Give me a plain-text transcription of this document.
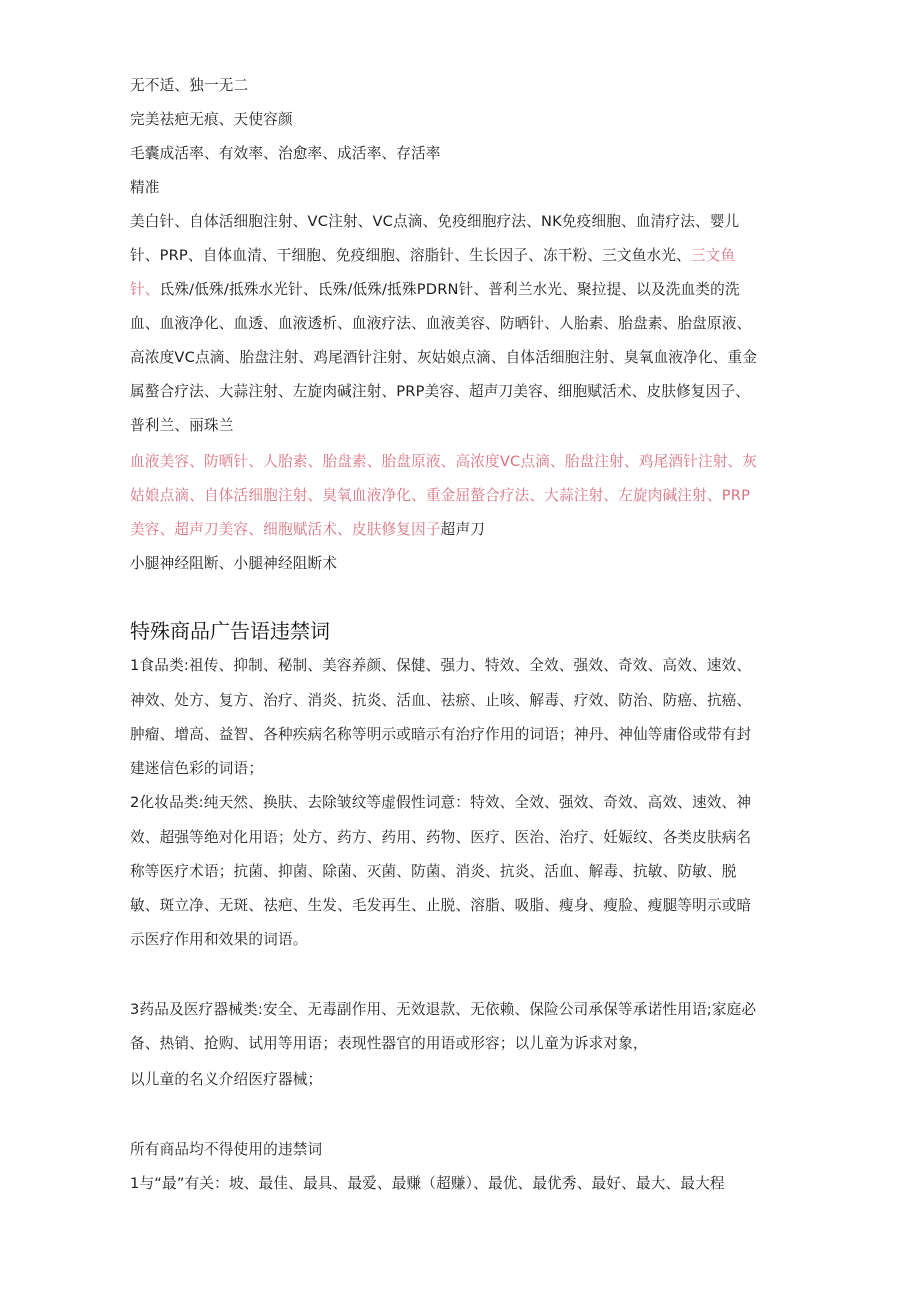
无不适、独一无二
完美祛疤无痕、天使容颜
毛囊成活率、有效率、治愈率、成活率、存活率
精准
美白针、自体活细胞注射、VC注射、VC点滴、免疫细胞疗法、NK免疫细胞、血清疗法、婴儿
针、PRP、自体血清、干细胞、免疫细胞、溶脂针、生长因子、冻干粉、三文鱼水光、三文鱼
针、氐殊/低殊/抵殊水光针、氐殊/低殊/抵殊PDRN针、普利兰水光、聚拉提、以及洗血类的洗
血、血液净化、血透、血液透析、血液疗法、血液美容、防晒针、人胎素、胎盘素、胎盘原液、
高浓度VC点滴、胎盘注射、鸡尾酒针注射、灰姑娘点滴、自体活细胞注射、臭氧血液净化、重金
属螯合疗法、大蒜注射、左旋肉碱注射、PRP美容、超声刀美容、细胞赋活术、皮肤修复因子、
普利兰、丽珠兰
血液美容、防晒针、人胎素、胎盘素、胎盘原液、高浓度VC点滴、胎盘注射、鸡尾酒针注射、灰
姑娘点滴、自体活细胞注射、臭氧血液净化、重金屈螯合疗法、大蒜注射、左旋肉碱注射、PRP
美容、超声刀美容、细胞赋活术、皮肤修复因子超声刀
小腿神经阻断、小腿神经阻断术
特殊商品广告语违禁词
1食品类:祖传、抑制、秘制、美容养颜、保健、强力、特效、全效、强效、奇效、高效、速效、
神效、处方、复方、治疗、消炎、抗炎、活血、祛瘀、止咳、解毒、疗效、防治、防癌、抗癌、
肿瘤、增高、益智、各种疾病名称等明示或暗示有治疗作用的词语；神丹、神仙等庸俗或带有封
建迷信色彩的词语；
2化妆品类:纯天然、换肤、去除皱纹等虚假性词意：特效、全效、强效、奇效、高效、速效、神
效、超强等绝对化用语；处方、药方、药用、药物、医疗、医治、治疗、妊娠纹、各类皮肤病名
称等医疗术语；抗菌、抑菌、除菌、灭菌、防菌、消炎、抗炎、活血、解毒、抗敏、防敏、脱
敏、斑立净、无斑、祛疤、生发、毛发再生、止脱、溶脂、吸脂、瘦身、瘦脸、瘦腿等明示或暗
示医疗作用和效果的词语。
3药品及医疗器械类:安全、无毒副作用、无效退款、无依赖、保险公司承保等承诺性用语;家庭必
备、热销、抢购、试用等用语；表现性器官的用语或形容；以儿童为诉求对象，
以儿童的名义介绍医疗器械；
所有商品均不得使用的违禁词
1与“最”有关：坡、最佳、最具、最爱、最赚（超赚）、最优、最优秀、最好、最大、最大程
